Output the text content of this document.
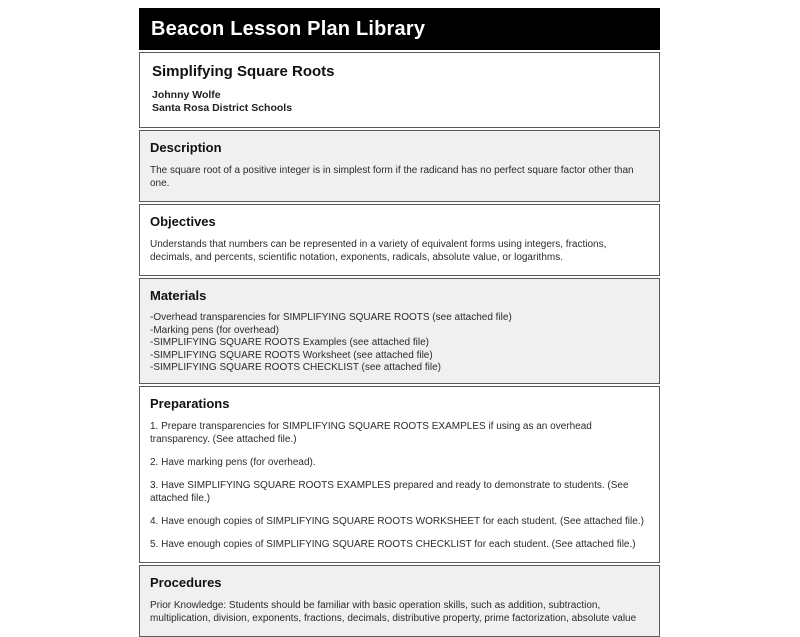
Beacon Lesson Plan Library
Simplifying Square Roots
Johnny Wolfe
Santa Rosa District Schools
Description

The square root of a positive integer is in simplest form if the radicand has no perfect square factor other than one.

Objectives

Understands that numbers can be represented in a variety of equivalent forms using integers, fractions, decimals, and percents, scientific notation, exponents, radicals, absolute value, or logarithms.

Materials
-Overhead transparencies for SIMPLIFYING SQUARE ROOTS (see attached file)
-Marking pens (for overhead)
-SIMPLIFYING SQUARE ROOTS Examples (see attached file)
-SIMPLIFYING SQUARE ROOTS Worksheet (see attached file)
-SIMPLIFYING SQUARE ROOTS CHECKLIST (see attached file)
Preparations

1. Prepare transparencies for SIMPLIFYING SQUARE ROOTS EXAMPLES if using as an overhead transparency. (See attached file.)

2. Have marking pens (for overhead).

3. Have SIMPLIFYING SQUARE ROOTS EXAMPLES prepared and ready to demonstrate to students. (See attached file.)

4. Have enough copies of SIMPLIFYING SQUARE ROOTS WORKSHEET for each student. (See attached file.)

5. Have enough copies of SIMPLIFYING SQUARE ROOTS CHECKLIST for each student. (See attached file.)

Procedures

Prior Knowledge: Students should be familiar with basic operation skills, such as addition, subtraction, multiplication, division, exponents, fractions, decimals, distributive property, prime factorization, absolute value
